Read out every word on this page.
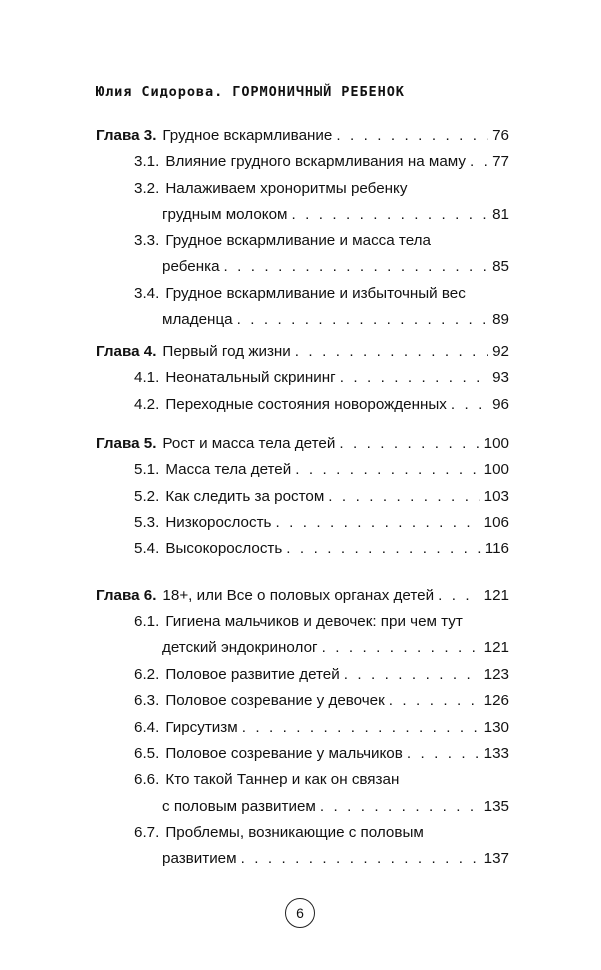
Юлия Сидорова. ГОРМОНИЧНЫЙ РЕБЕНОК
Глава 3. Грудное вскармливание . . .	76
3.1. Влияние грудного вскармливания на маму . . . 77
3.2. Налаживаем хроноритмы ребенку
грудным молоком . . .	81
3.3. Грудное вскармливание и масса тела
ребенка . . .	85
3.4. Грудное вскармливание и избыточный вес
младенца . . .	89
Глава 4. Первый год жизни . . .	92
4.1. Неонатальный скрининг . . .	93
4.2. Переходные состояния новорожденных . . .	96
Глава 5. Рост и масса тела детей . . .	100
5.1. Масса тела детей . . .	100
5.2. Как следить за ростом . . .	103
5.3. Низкорослость . . .	106
5.4. Высокорослость . . .	116
Глава 6. 18+, или Все о половых органах детей . . .	121
6.1. Гигиена мальчиков и девочек: при чем тут
детский эндокринолог . . .	121
6.2. Половое развитие детей . . .	123
6.3. Половое созревание у девочек . . .	126
6.4. Гирсутизм . . .	130
6.5. Половое созревание у мальчиков . . .	133
6.6. Кто такой Таннер и как он связан
с половым развитием . . .	135
6.7. Проблемы, возникающие с половым
развитием . . .	137
6
